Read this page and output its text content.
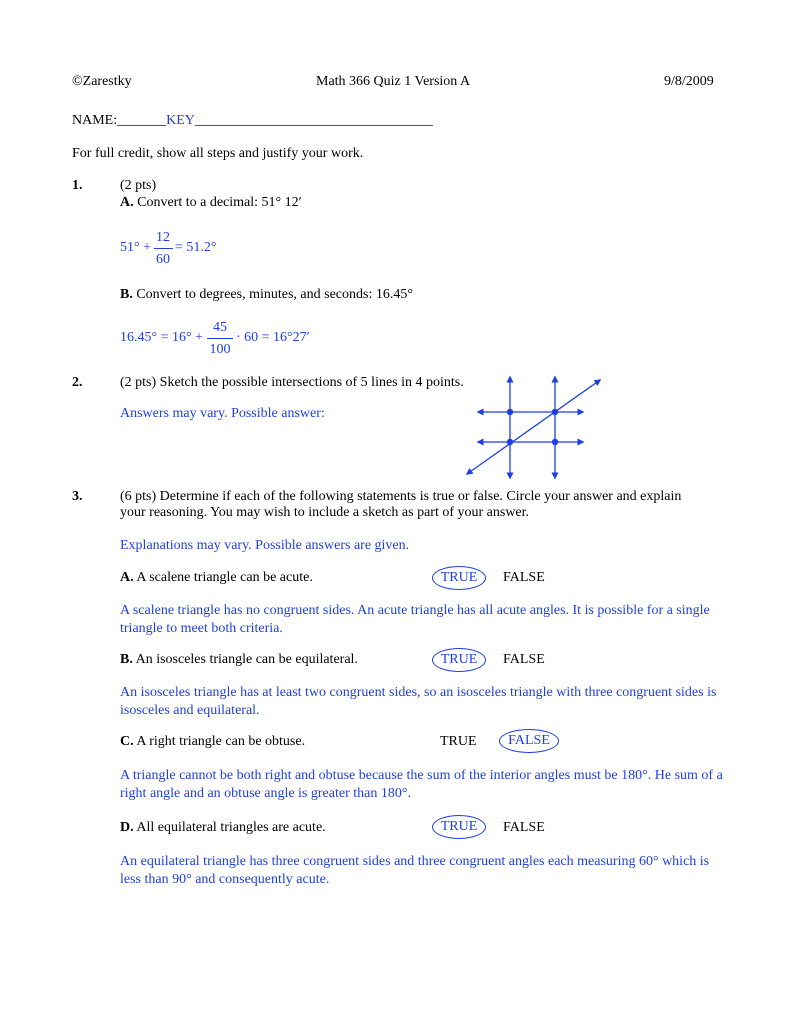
©Zarestky	Math 366 Quiz 1 Version A	9/8/2009
NAME:_______KEY__________________________________
For full credit, show all steps and justify your work.
1.	(2 pts)
A. Convert to a decimal: 51° 12′
51° +
12
60
= 51.2°
B. Convert to degrees, minutes, and seconds: 16.45°
16.45° = 16° +
45
100
· 60 = 16°27′
2.	(2 pts) Sketch the possible intersections of 5 lines in 4 points.
Answers may vary. Possible answer:
3.	(6 pts) Determine if each of the following statements is true or false. Circle your answer and explain
your reasoning. You may wish to include a sketch as part of your answer.
Explanations may vary. Possible answers are given.
A. A scalene triangle can be acute.	TRUE	FALSE
A scalene triangle has no congruent sides. An acute triangle has all acute angles. It is possible for a single triangle to meet both criteria.
B. An isosceles triangle can be equilateral.	TRUE	FALSE
An isosceles triangle has at least two congruent sides, so an isosceles triangle with three congruent sides is isosceles and equilateral.
C. A right triangle can be obtuse.	TRUE	FALSE
A triangle cannot be both right and obtuse because the sum of the interior angles must be 180°. He sum of a right angle and an obtuse angle is greater than 180°.
D. All equilateral triangles are acute.	TRUE	FALSE
An equilateral triangle has three congruent sides and three congruent angles each measuring 60° which is less than 90° and consequently acute.
